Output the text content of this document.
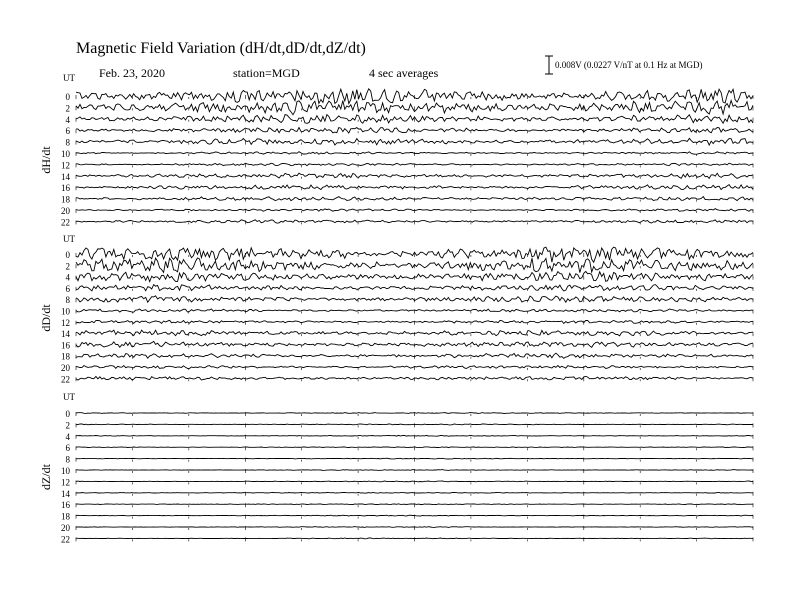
Magnetic Field Variation (dH/dt,dD/dt,dZ/dt)
Feb. 23, 2020	station=MGD	4 sec averages
0.008V (0.0227 V/nT at 0.1 Hz at MGD)
UT
dH/dt
0
2
4
6
8
10
12
14
16
18
20
22
UT
dD/dt
0
2
4
6
8
10
12
14
16
18
20
22
UT
dZ/dt
0
2
4
6
8
10
12
14
16
18
20
22
